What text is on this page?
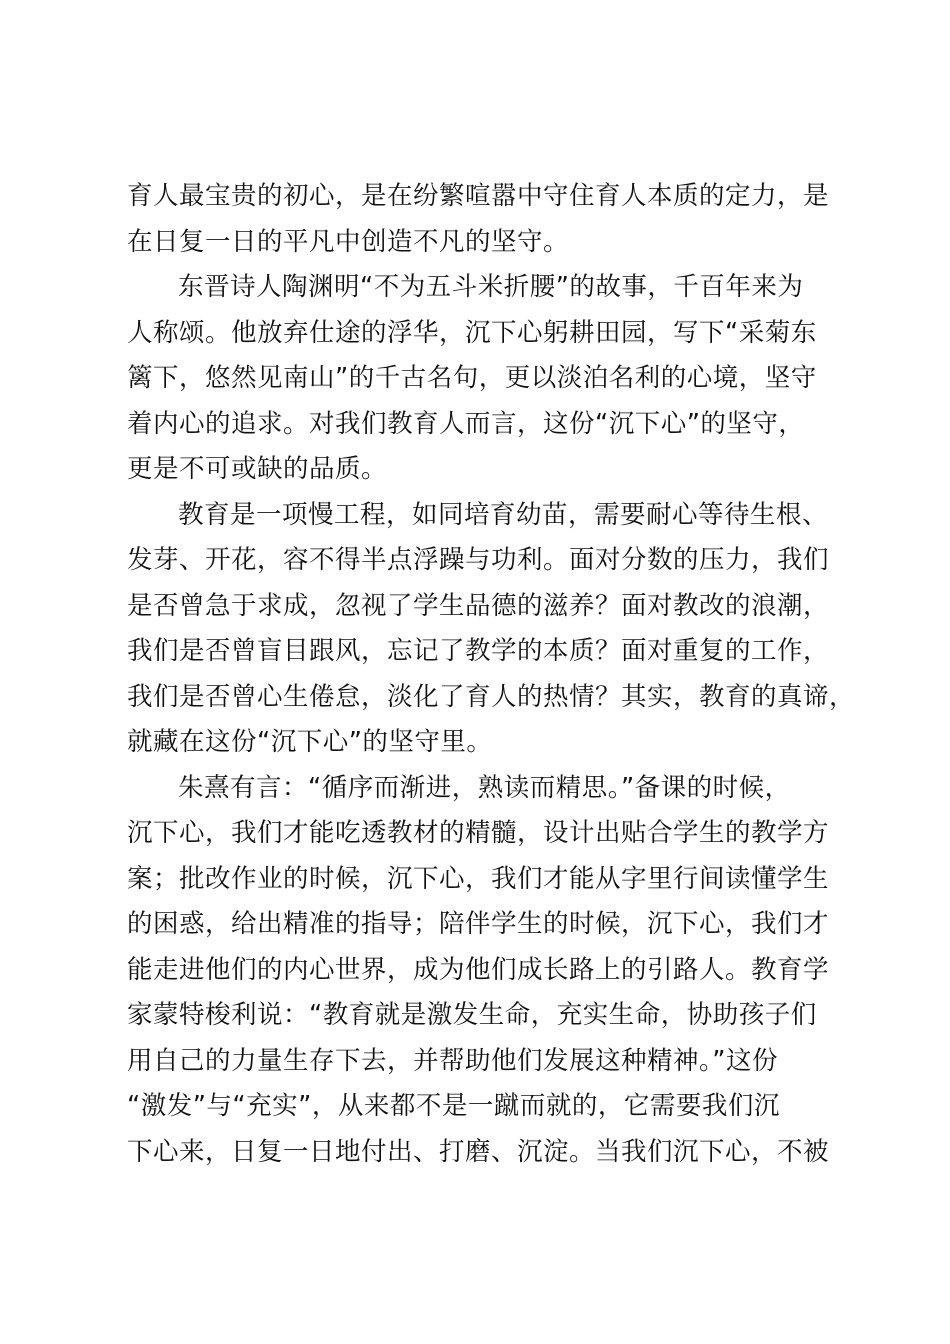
育人最宝贵的初心，是在纷繁喧嚣中守住育人本质的定力，是
在日复一日的平凡中创造不凡的坚守。
东晋诗人陶渊明“不为五斗米折腰”的故事，千百年来为
人称颂。他放弃仕途的浮华，沉下心躬耕田园，写下“采菊东
篱下，悠然见南山”的千古名句，更以淡泊名利的心境，坚守
着内心的追求。对我们教育人而言，这份“沉下心”的坚守，
更是不可或缺的品质。
教育是一项慢工程，如同培育幼苗，需要耐心等待生根、
发芽、开花，容不得半点浮躁与功利。面对分数的压力，我们
是否曾急于求成，忽视了学生品德的滋养？面对教改的浪潮，
我们是否曾盲目跟风，忘记了教学的本质？面对重复的工作，
我们是否曾心生倦怠，淡化了育人的热情？其实，教育的真谛，
就藏在这份“沉下心”的坚守里。
朱熹有言：“循序而渐进，熟读而精思。”备课的时候，
沉下心，我们才能吃透教材的精髓，设计出贴合学生的教学方
案；批改作业的时候，沉下心，我们才能从字里行间读懂学生
的困惑，给出精准的指导；陪伴学生的时候，沉下心，我们才
能走进他们的内心世界，成为他们成长路上的引路人。教育学
家蒙特梭利说：“教育就是激发生命，充实生命，协助孩子们
用自己的力量生存下去，并帮助他们发展这种精神。”这份
“激发”与“充实”，从来都不是一蹴而就的，它需要我们沉
下心来，日复一日地付出、打磨、沉淀。当我们沉下心，不被
